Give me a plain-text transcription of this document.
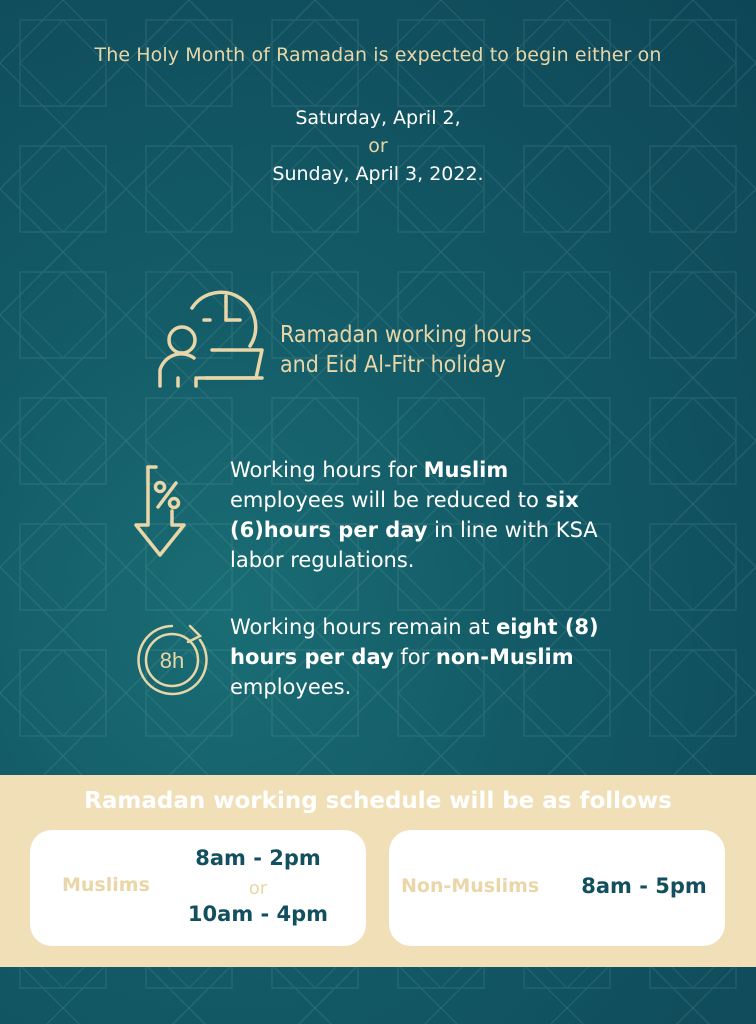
The Holy Month of Ramadan is expected to begin either on
Saturday, April 2,
or
Sunday, April 3, 2022.
Ramadan working hours
and Eid Al-Fitr holiday
Working hours for Muslim employees will be reduced to six (6)hours per day in line with KSA labor regulations.
8h
Working hours remain at eight (8) hours per day for non-Muslim employees.
Ramadan working schedule will be as follows
Muslims
8am - 2pm
or
10am - 4pm
Non-Muslims	8am - 5pm
